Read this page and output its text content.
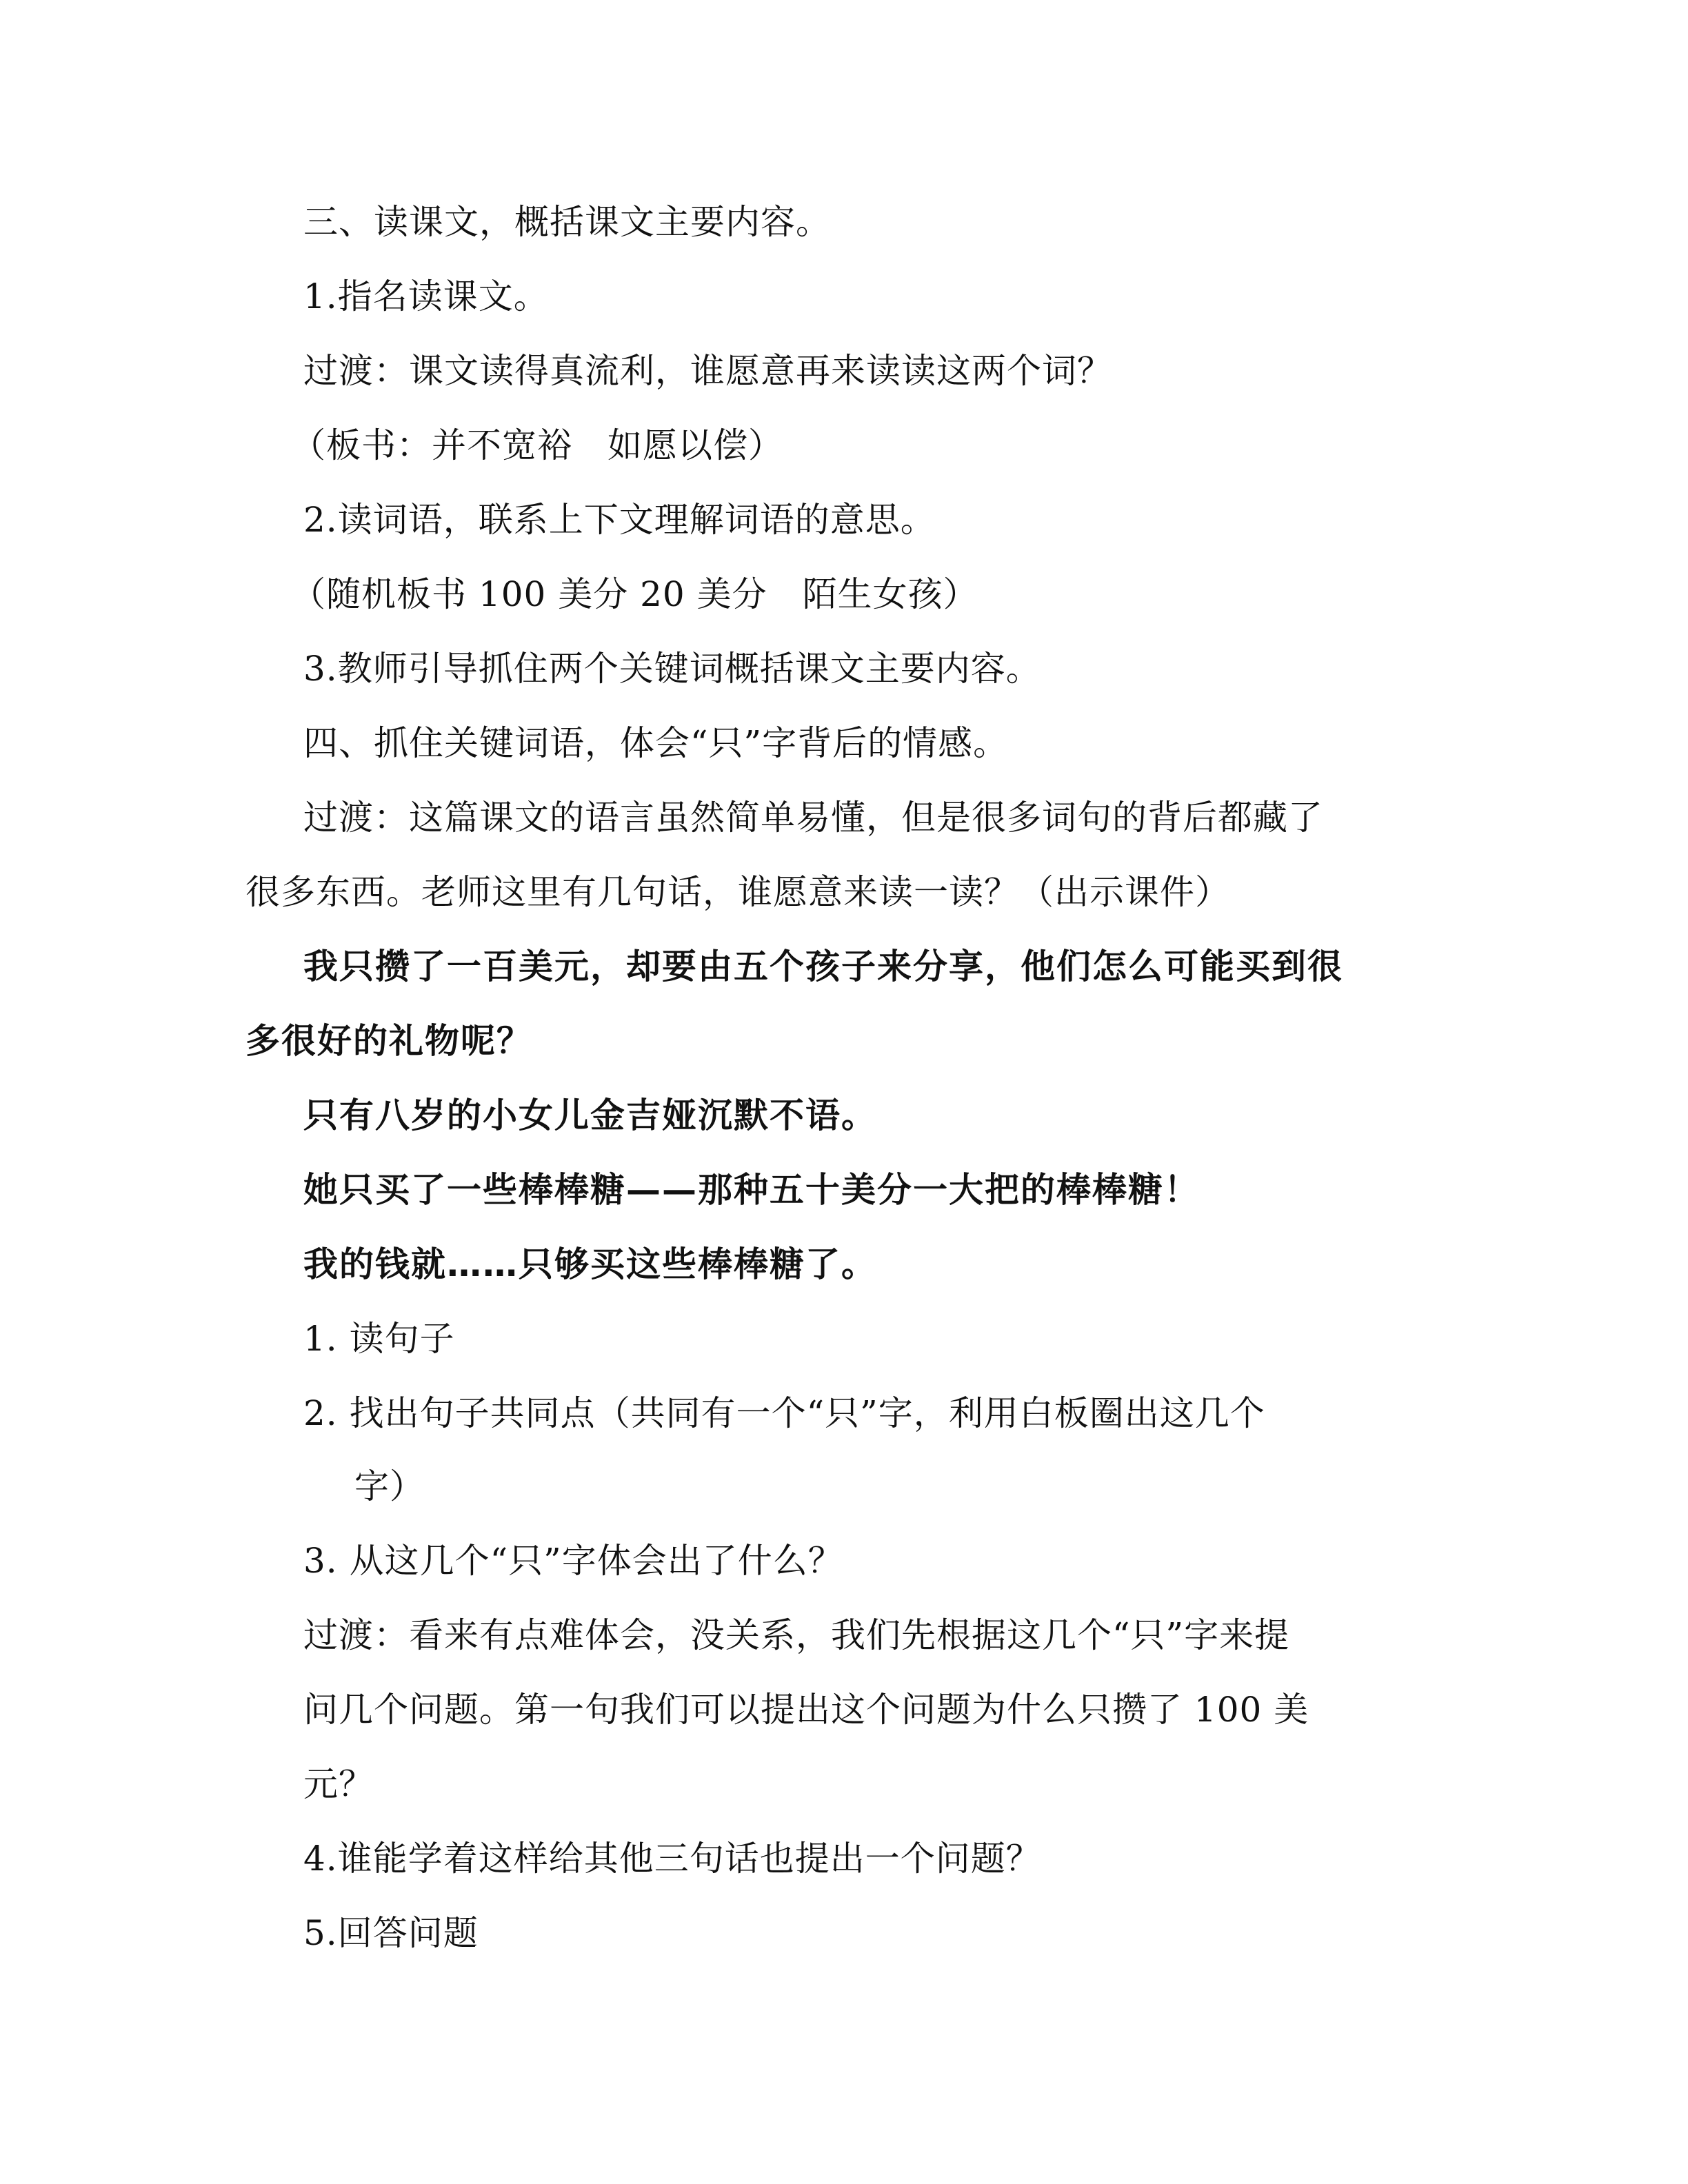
三、读课文，概括课文主要内容。
1.指名读课文。
过渡：课文读得真流利，谁愿意再来读读这两个词？
（板书：并不宽裕　如愿以偿）
2.读词语，联系上下文理解词语的意思。
（随机板书 100 美分 20 美分　陌生女孩）
3.教师引导抓住两个关键词概括课文主要内容。
四、抓住关键词语，体会“只”字背后的情感。
过渡：这篇课文的语言虽然简单易懂，但是很多词句的背后都藏了
很多东西。老师这里有几句话，谁愿意来读一读？（出示课件）
我只攒了一百美元，却要由五个孩子来分享，他们怎么可能买到很
多很好的礼物呢？
只有八岁的小女儿金吉娅沉默不语。
她只买了一些棒棒糖——那种五十美分一大把的棒棒糖！
我的钱就……只够买这些棒棒糖了。
1. 读句子
2. 找出句子共同点（共同有一个“只”字，利用白板圈出这几个
字）
3. 从这几个“只”字体会出了什么？
过渡：看来有点难体会，没关系，我们先根据这几个“只”字来提
问几个问题。第一句我们可以提出这个问题为什么只攒了 100 美
元？
4.谁能学着这样给其他三句话也提出一个问题？
5.回答问题
